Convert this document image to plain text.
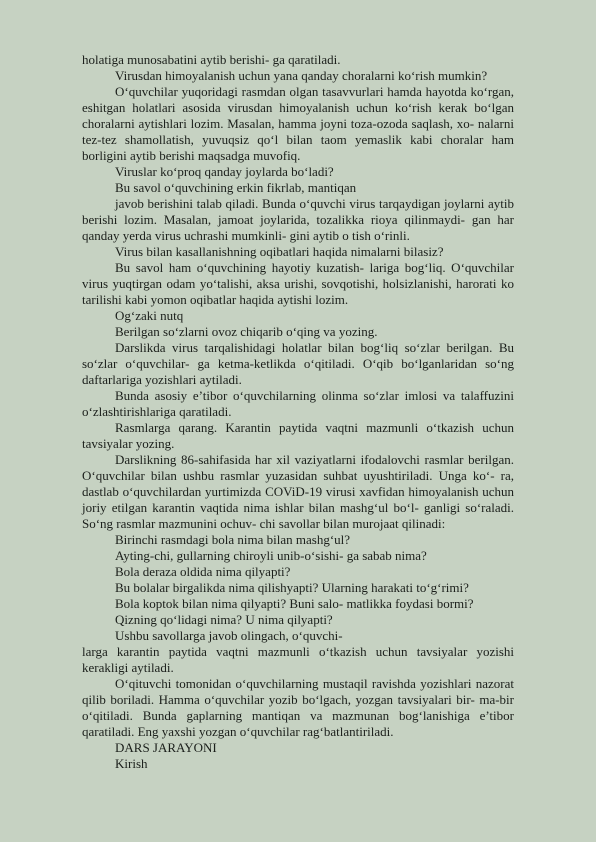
holatiga munosabatini aytib berishi- ga qaratiladi.

Virusdan himoyalanish uchun yana qanday choralarni ko‘rish mumkin?

O‘quvchilar yuqoridagi rasmdan olgan tasavvurlari hamda hayotda ko‘rgan, eshitgan holatlari asosida virusdan himoyalanish uchun ko‘rish kerak bo‘lgan choralarni aytishlari lozim. Masalan, hamma joyni toza-ozoda saqlash, xo- nalarni tez-tez shamollatish, yuvuqsiz qo‘l bilan taom yemaslik kabi choralar ham borligini aytib berishi maqsadga muvofiq.

Viruslar ko‘proq qanday joylarda bo‘ladi?

Bu savol o‘quvchining erkin fikrlab, mantiqan

javob berishini talab qiladi. Bunda o‘quvchi virus tarqaydigan joylarni aytib berishi lozim. Masalan, jamoat joylarida, tozalikka rioya qilinmaydi- gan har qanday yerda virus uchrashi mumkinli- gini aytib o tish o‘rinli.

Virus bilan kasallanishning oqibatlari haqida nimalarni bilasiz?

Bu savol ham o‘quvchining hayotiy kuzatish- lariga bog‘liq. O‘quvchilar virus yuqtirgan odam yo‘talishi, aksa urishi, sovqotishi, holsizlanishi, harorati ko tarilishi kabi yomon oqibatlar haqida aytishi lozim.

Og‘zaki nutq

Berilgan so‘zlarni ovoz chiqarib o‘qing va yozing.

Darslikda virus tarqalishidagi holatlar bilan bog‘liq so‘zlar berilgan. Bu so‘zlar o‘quvchilar- ga ketma-ketlikda o‘qitiladi. O‘qib bo‘lganlaridan so‘ng daftarlariga yozishlari aytiladi.

Bunda asosiy e’tibor o‘quvchilarning olinma so‘zlar imlosi va talaffuzini o‘zlashtirishlariga qaratiladi.

Rasmlarga qarang. Karantin paytida vaqtni mazmunli o‘tkazish uchun tavsiyalar yozing.

Darslikning 86-sahifasida har xil vaziyatlarni ifodalovchi rasmlar berilgan. O‘quvchilar bilan ushbu rasmlar yuzasidan suhbat uyushtiriladi. Unga ko‘- ra, dastlab o‘quvchilardan yurtimizda COViD-19 virusi xavfidan himoyalanish uchun joriy etilgan karantin vaqtida nima ishlar bilan mashg‘ul bo‘l- ganligi so‘raladi. So‘ng rasmlar mazmunini ochuv- chi savollar bilan murojaat qilinadi:

Birinchi rasmdagi bola nima bilan mashg‘ul?

Ayting-chi, gullarning chiroyli unib-o‘sishi- ga sabab nima?

Bola deraza oldida nima qilyapti?

Bu bolalar birgalikda nima qilishyapti? Ularning harakati to‘g‘rimi?

Bola koptok bilan nima qilyapti? Buni salo- matlikka foydasi bormi?

Qizning qo‘lidagi nima? U nima qilyapti?

Ushbu savollarga javob olingach, o‘quvchi-

larga karantin paytida vaqtni mazmunli o‘tkazish uchun tavsiyalar yozishi kerakligi aytiladi.

O‘qituvchi tomonidan o‘quvchilarning mustaqil ravishda yozishlari nazorat qilib boriladi. Hamma o‘quvchilar yozib bo‘lgach, yozgan tavsiyalari bir- ma-bir o‘qitiladi. Bunda gaplarning mantiqan va mazmunan bog‘lanishiga e’tibor qaratiladi. Eng yaxshi yozgan o‘quvchilar rag‘batlantiriladi.

DARS JARAYONI

Kirish
